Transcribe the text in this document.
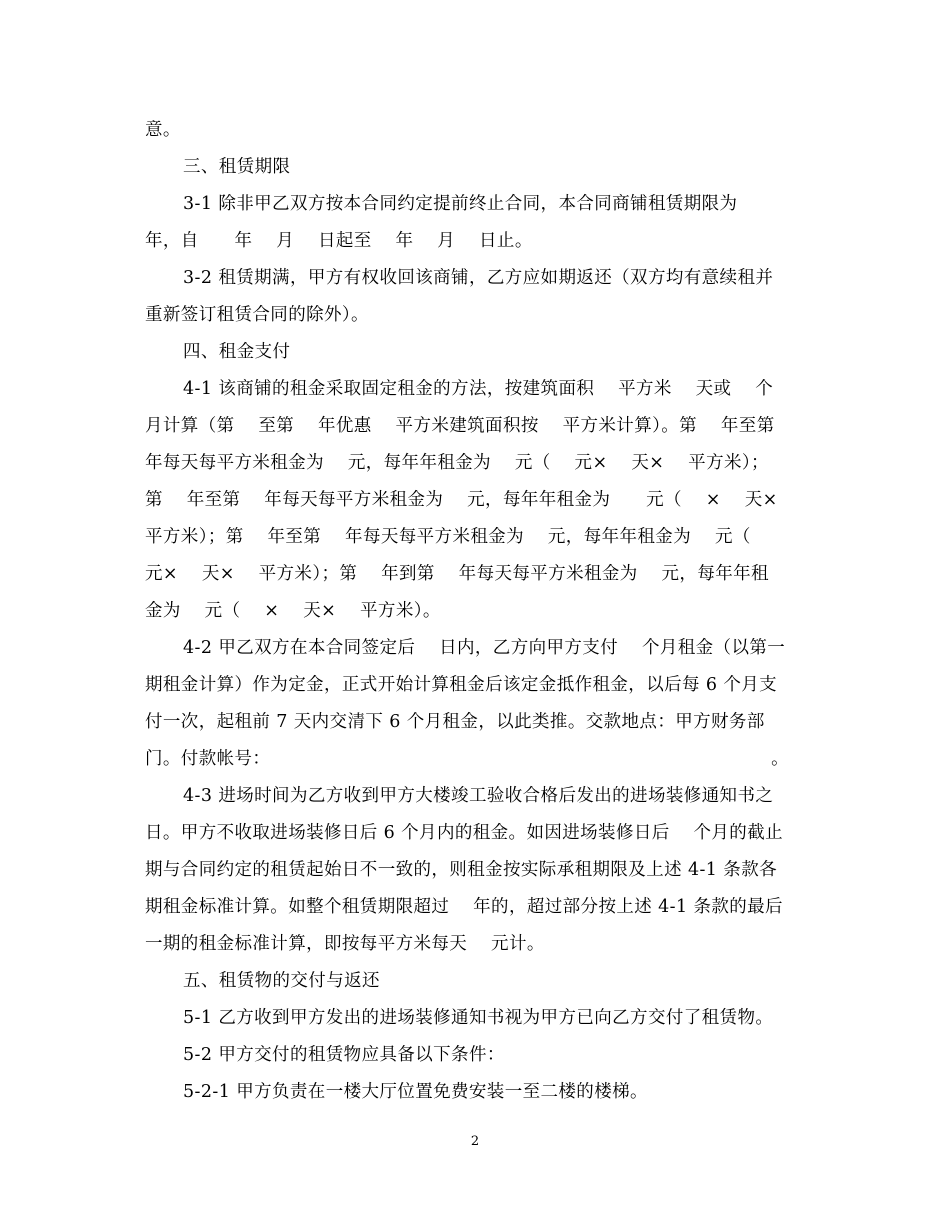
意。
三、租赁期限
3-1 除非甲乙双方按本合同约定提前终止合同，本合同商铺租赁期限为
年，自      年    月    日起至    年    月    日止。
3-2 租赁期满，甲方有权收回该商铺，乙方应如期返还（双方均有意续租并
重新签订租赁合同的除外）。
四、租金支付
4-1 该商铺的租金采取固定租金的方法，按建筑面积    平方米    天或    个
月计算（第    至第    年优惠    平方米建筑面积按    平方米计算）。第    年至第
年每天每平方米租金为    元，每年年租金为    元（    元×    天×    平方米）；
第    年至第    年每天每平方米租金为    元，每年年租金为      元（    ×    天×
平方米）；第    年至第    年每天每平方米租金为    元，每年年租金为    元（
元×    天×    平方米）；第    年到第    年每天每平方米租金为    元，每年年租
金为    元（    ×    天×    平方米）。
4-2 甲乙双方在本合同签定后    日内，乙方向甲方支付    个月租金（以第一
期租金计算）作为定金，正式开始计算租金后该定金抵作租金，以后每 6 个月支
付一次，起租前 7 天内交清下 6 个月租金，以此类推。交款地点：甲方财务部
门。付款帐号：                                                                                    。
4-3 进场时间为乙方收到甲方大楼竣工验收合格后发出的进场装修通知书之
日。甲方不收取进场装修日后 6 个月内的租金。如因进场装修日后    个月的截止
期与合同约定的租赁起始日不一致的，则租金按实际承租期限及上述 4-1 条款各
期租金标准计算。如整个租赁期限超过    年的，超过部分按上述 4-1 条款的最后
一期的租金标准计算，即按每平方米每天    元计。
五、租赁物的交付与返还
5-1 乙方收到甲方发出的进场装修通知书视为甲方已向乙方交付了租赁物。
5-2 甲方交付的租赁物应具备以下条件：
5-2-1 甲方负责在一楼大厅位置免费安装一至二楼的楼梯。
2
